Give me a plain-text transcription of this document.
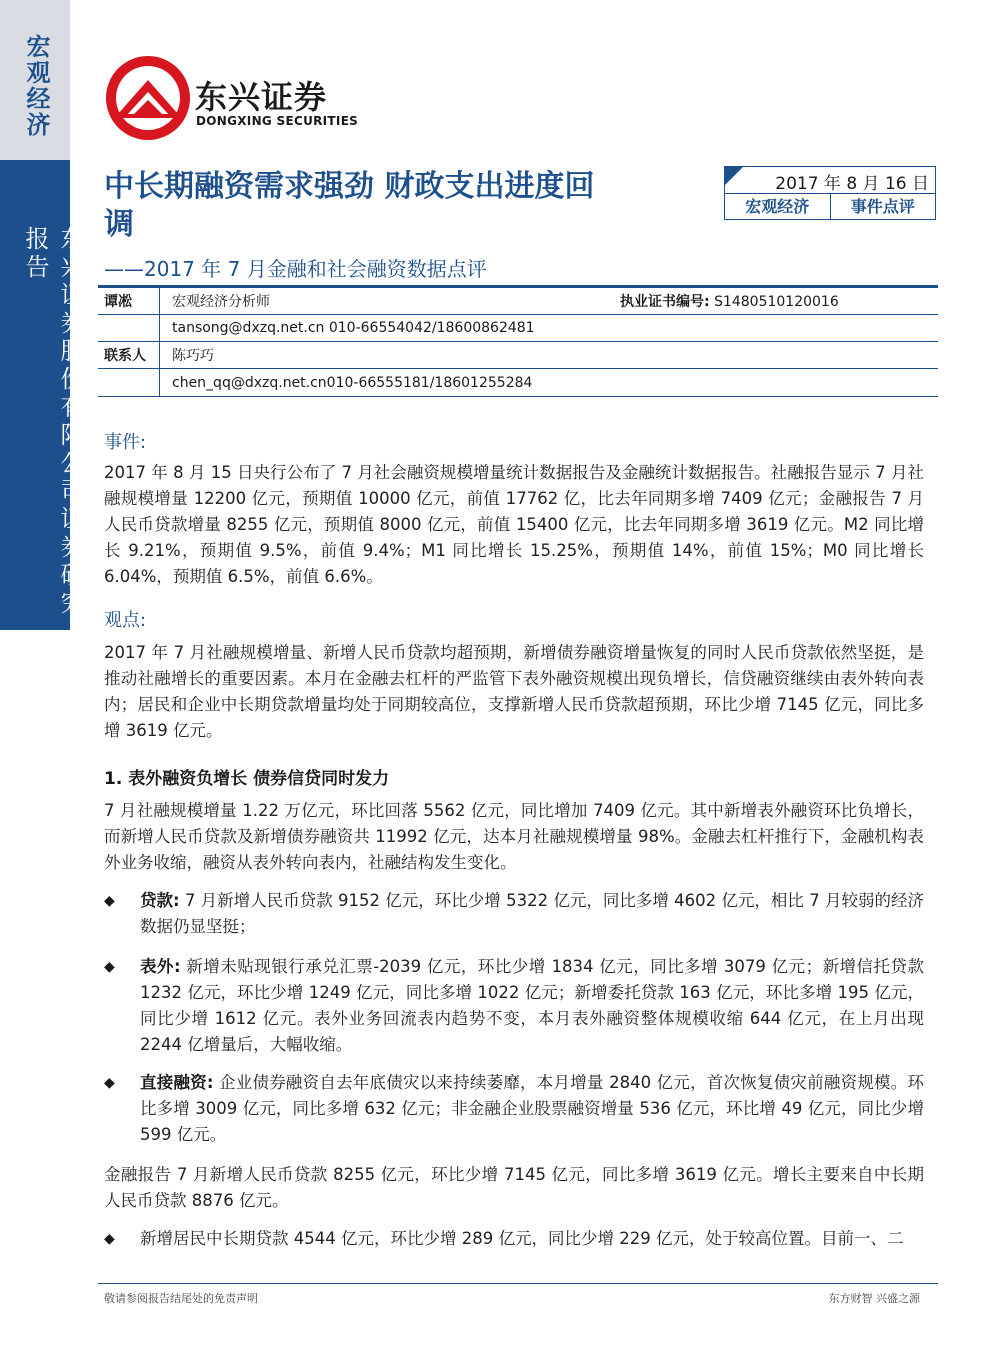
宏观经济
东兴证券股份有限公司证券研究报告
东兴证券
DONGXING SECURITIES
中长期融资需求强劲 财政支出进度回调
——2017 年 7 月金融和社会融资数据点评
2017 年 8 月 16 日
宏观经济	事件点评
谭凇	宏观经济分析师	执业证书编号: S1480510120016
tansong@dxzq.net.cn 010-66554042/18600862481
联系人	陈巧巧
chen_qq@dxzq.net.cn010-66555181/18601255284
事件:
2017 年 8 月 15 日央行公布了 7 月社会融资规模增量统计数据报告及金融统计数据报告。社融报告显示 7 月社融规模增量 12200 亿元，预期值 10000 亿元，前值 17762 亿，比去年同期多增 7409 亿元；金融报告 7 月人民币贷款增量 8255 亿元，预期值 8000 亿元，前值 15400 亿元，比去年同期多增 3619 亿元。M2 同比增长 9.21%，预期值 9.5%，前值 9.4%；M1 同比增长 15.25%，预期值 14%，前值 15%；M0 同比增长 6.04%，预期值 6.5%，前值 6.6%。
观点:
2017 年 7 月社融规模增量、新增人民币贷款均超预期，新增债券融资增量恢复的同时人民币贷款依然坚挺，是推动社融增长的重要因素。本月在金融去杠杆的严监管下表外融资规模出现负增长，信贷融资继续由表外转向表内；居民和企业中长期贷款增量均处于同期较高位，支撑新增人民币贷款超预期，环比少增 7145 亿元，同比多增 3619 亿元。
1. 表外融资负增长 债券信贷同时发力
7 月社融规模增量 1.22 万亿元，环比回落 5562 亿元，同比增加 7409 亿元。其中新增表外融资环比负增长，而新增人民币贷款及新增债券融资共 11992 亿元，达本月社融规模增量 98%。金融去杠杆推行下，金融机构表外业务收缩，融资从表外转向表内，社融结构发生变化。
◆ 贷款: 7 月新增人民币贷款 9152 亿元，环比少增 5322 亿元，同比多增 4602 亿元，相比 7 月较弱的经济数据仍显坚挺；
◆ 表外: 新增未贴现银行承兑汇票-2039 亿元，环比少增 1834 亿元，同比多增 3079 亿元；新增信托贷款 1232 亿元，环比少增 1249 亿元，同比多增 1022 亿元；新增委托贷款 163 亿元，环比多增 195 亿元，同比少增 1612 亿元。表外业务回流表内趋势不变，本月表外融资整体规模收缩 644 亿元，在上月出现 2244 亿增量后，大幅收缩。
◆ 直接融资: 企业债券融资自去年底债灾以来持续萎靡，本月增量 2840 亿元，首次恢复债灾前融资规模。环比多增 3009 亿元，同比多增 632 亿元；非金融企业股票融资增量 536 亿元，环比增 49 亿元，同比少增 599 亿元。
金融报告 7 月新增人民币贷款 8255 亿元，环比少增 7145 亿元，同比多增 3619 亿元。增长主要来自中长期人民币贷款 8876 亿元。
◆ 新增居民中长期贷款 4544 亿元，环比少增 289 亿元，同比少增 229 亿元，处于较高位置。目前一、二
敬请参阅报告结尾处的免责声明	东方财智 兴盛之源
